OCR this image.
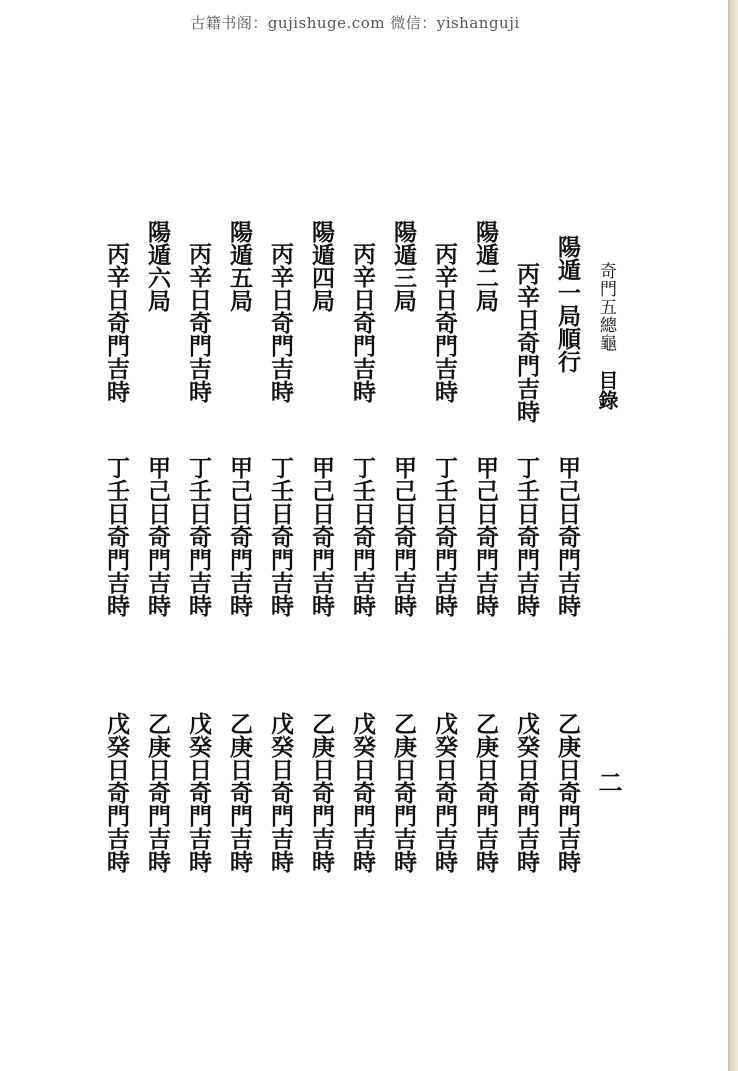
古籍书阁：gujishuge.com 微信：yishanguji
奇門五總龜
目錄
二
陽遁一局順行
甲己日奇門吉時
乙庚日奇門吉時
丙辛日奇門吉時
丁壬日奇門吉時
戊癸日奇門吉時
陽遁二局
甲己日奇門吉時
乙庚日奇門吉時
丙辛日奇門吉時
丁壬日奇門吉時
戊癸日奇門吉時
陽遁三局
甲己日奇門吉時
乙庚日奇門吉時
丙辛日奇門吉時
丁壬日奇門吉時
戊癸日奇門吉時
陽遁四局
甲己日奇門吉時
乙庚日奇門吉時
丙辛日奇門吉時
丁壬日奇門吉時
戊癸日奇門吉時
陽遁五局
甲己日奇門吉時
乙庚日奇門吉時
丙辛日奇門吉時
丁壬日奇門吉時
戊癸日奇門吉時
陽遁六局
甲己日奇門吉時
乙庚日奇門吉時
丙辛日奇門吉時
丁壬日奇門吉時
戊癸日奇門吉時
